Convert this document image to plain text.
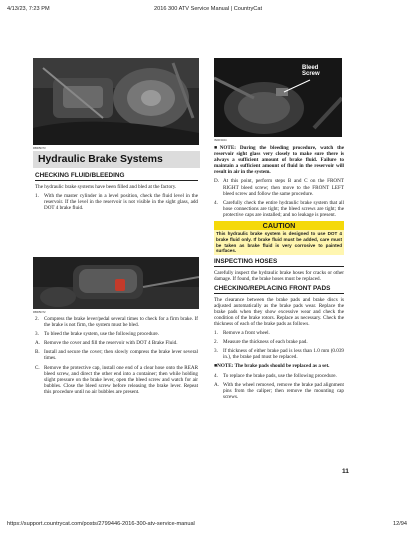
4/13/23, 7:23 PM	2016 300 ATV Service Manual | CountryCat
https://support.countrycat.com/posts/2799446-2016-300-atv-service-manual	12/94
RBD5D73
RBD5D72
Bleed
Screw
ISDF3324
Hydraulic Brake Systems
CHECKING FLUID/BLEEDING

The hydraulic brake systems have been filled and bled at the factory.

1. With the master cylinder in a level position, check the fluid level in the reservoir. If the level in the reservoir is not visible in the sight glass, add DOT 4 brake fluid.
2. Compress the brake lever/pedal several times to check for a firm brake. If the brake is not firm, the system must be bled.
3. To bleed the brake system, use the following procedure.
A. Remove the cover and fill the reservoir with DOT 4 Brake Fluid.
B. Install and secure the cover; then slowly compress the brake lever several times.
C. Remove the protective cap, install one end of a clear hose onto the REAR bleed screw, and direct the other end into a container; then while holding slight pressure on the brake lever, open the bleed screw and watch for air bubbles. Close the bleed screw before releasing the brake lever. Repeat this procedure until no air bubbles are present.
■NOTE: During the bleeding procedure, watch the reservoir sight glass very closely to make sure there is always a sufficient amount of brake fluid. Failure to maintain a sufficient amount of fluid in the reservoir will result in air in the system.
D. At this point, perform steps B and C on the FRONT RIGHT bleed screw; then move to the FRONT LEFT bleed screw and follow the same procedure.
4. Carefully check the entire hydraulic brake system that all hose connections are tight; the bleed screws are tight; the protective caps are installed; and no leakage is present.
CAUTION
This hydraulic brake system is designed to use DOT 4 brake fluid only. If brake fluid must be added, care must be taken as brake fluid is very corrosive to painted surfaces.
INSPECTING HOSES

Carefully inspect the hydraulic brake hoses for cracks or other damage. If found, the brake hoses must be replaced.

CHECKING/REPLACING FRONT PADS

The clearance between the brake pads and brake discs is adjusted automatically as the brake pads wear. Replace the brake pads when they show excessive wear and check the condition of the brake rotors. Replace as necessary. Check the thickness of each of the brake pads as follows.

1. Remove a front wheel.
2. Measure the thickness of each brake pad.
3. If thickness of either brake pad is less than 1.0 mm (0.039 in.), the brake pad must be replaced.
■NOTE: The brake pads should be replaced as a set.
4. To replace the brake pads, use the following procedure.
A. With the wheel removed, remove the brake pad alignment pins from the caliper; then remove the mounting cap screws.
11
